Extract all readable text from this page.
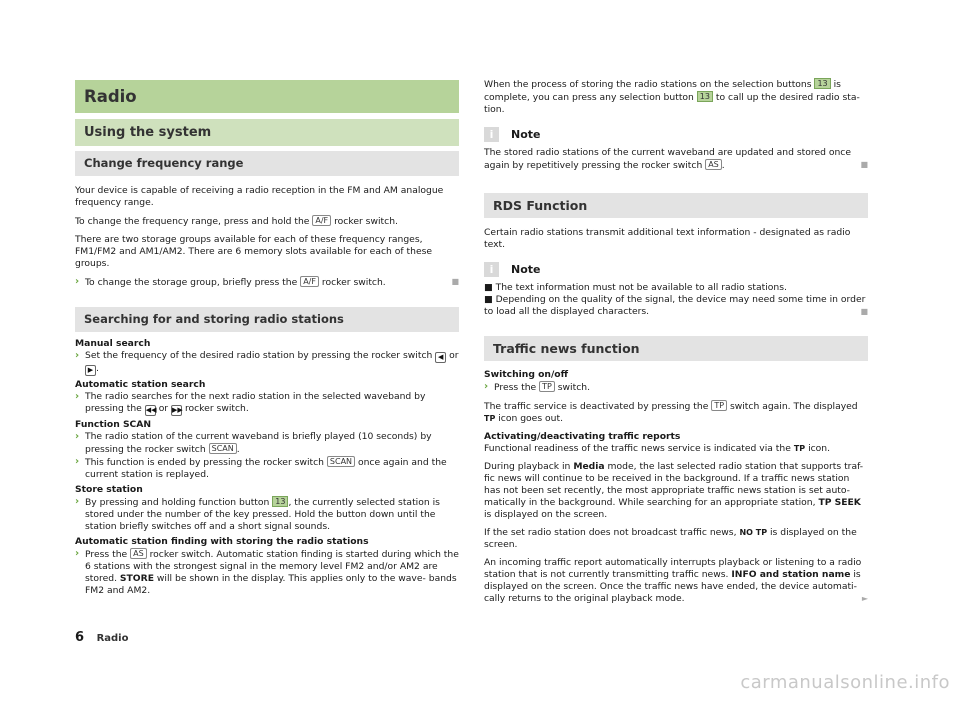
Radio
Using the system
Change frequency range

Your device is capable of receiving a radio reception in the FM and AM analogue frequency range.

To change the frequency range, press and hold the A/F rocker switch.

There are two storage groups available for each of these frequency ranges, FM1/FM2 and AM1/AM2. There are 6 memory slots available for each of these groups.

› To change the storage group, briefly press the A/F rocker switch.	■

Searching for and storing radio stations

Manual search

› Set the frequency of the desired radio station by pressing the rocker switch ◀ or ▶ .

Automatic station search

› The radio searches for the next radio station in the selected waveband by pressing the ◀◀ or ▶▶ rocker switch.

Function SCAN

› The radio station of the current waveband is briefly played (10 seconds) by pressing the rocker switch SCAN .

› This function is ended by pressing the rocker switch SCAN once again and the current station is replayed.

Store station

› By pressing and holding function button 13 , the currently selected station is stored under the number of the key pressed. Hold the button down until the station briefly switches off and a short signal sounds.

Automatic station finding with storing the radio stations

› Press the AS rocker switch. Automatic station finding is started during which the 6 stations with the strongest signal in the memory level FM2 and/or AM2 are stored. STORE will be shown in the display. This applies only to the wave- bands FM2 and AM2.

When the process of storing the radio stations on the selection buttons 13 is complete, you can press any selection button 13 to call up the desired radio sta- tion.

i	Note

The stored radio stations of the current waveband are updated and stored once again by repetitively pressing the rocker switch AS .	■

RDS Function

Certain radio stations transmit additional text information - designated as radio text.

i	Note

■ The text information must not be available to all radio stations.

■ Depending on the quality of the signal, the device may need some time in order to load all the displayed characters.	■

Traffic news function

Switching on/off

› Press the TP switch.

The traffic service is deactivated by pressing the TP switch again. The displayed TP icon goes out.

Activating/deactivating traffic reports

Functional readiness of the traffic news service is indicated via the TP icon.

During playback in Media mode, the last selected radio station that supports traf- fic news will continue to be received in the background. If a traffic news station has not been set recently, the most appropriate traffic news station is set auto- matically in the background. While searching for an appropriate station, TP SEEK is displayed on the screen.

If the set radio station does not broadcast traffic news, NO TP is displayed on the screen.

An incoming traffic report automatically interrupts playback or listening to a radio station that is not currently transmitting traffic news. INFO and station name is displayed on the screen. Once the traffic news have ended, the device automati- cally returns to the original playback mode.	►

6 Radio
carmanualsonline.info
